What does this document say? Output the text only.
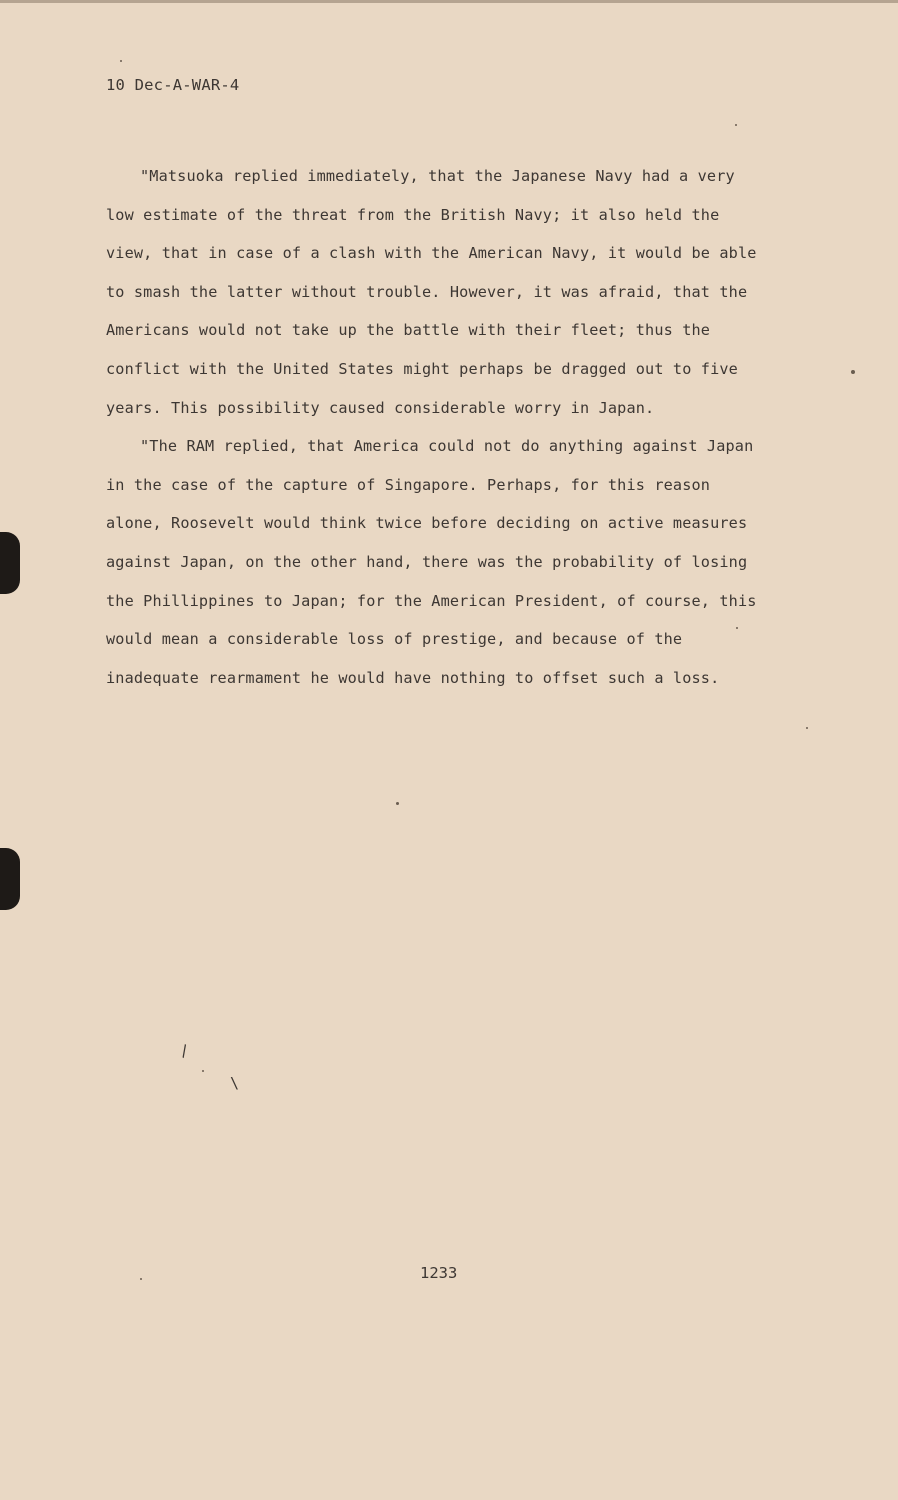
\
\
10 Dec-A-WAR-4
"Matsuoka replied immediately, that the Japanese Navy had a very
low estimate of the threat from the British Navy; it also held the
view, that in case of a clash with the American Navy, it would be able
to smash the latter without trouble. However, it was afraid, that the
Americans would not take up the battle with their fleet; thus the
conflict with the United States might perhaps be dragged out to five
years. This possibility caused considerable worry in Japan.
"The RAM replied, that America could not do anything against Japan
in the case of the capture of Singapore. Perhaps, for this reason
alone, Roosevelt would think twice before deciding on active measures
against Japan, on the other hand, there was the probability of losing
the Phillippines to Japan; for the American President, of course, this
would mean a considerable loss of prestige, and because of the
inadequate rearmament he would have nothing to offset such a loss.
1233
